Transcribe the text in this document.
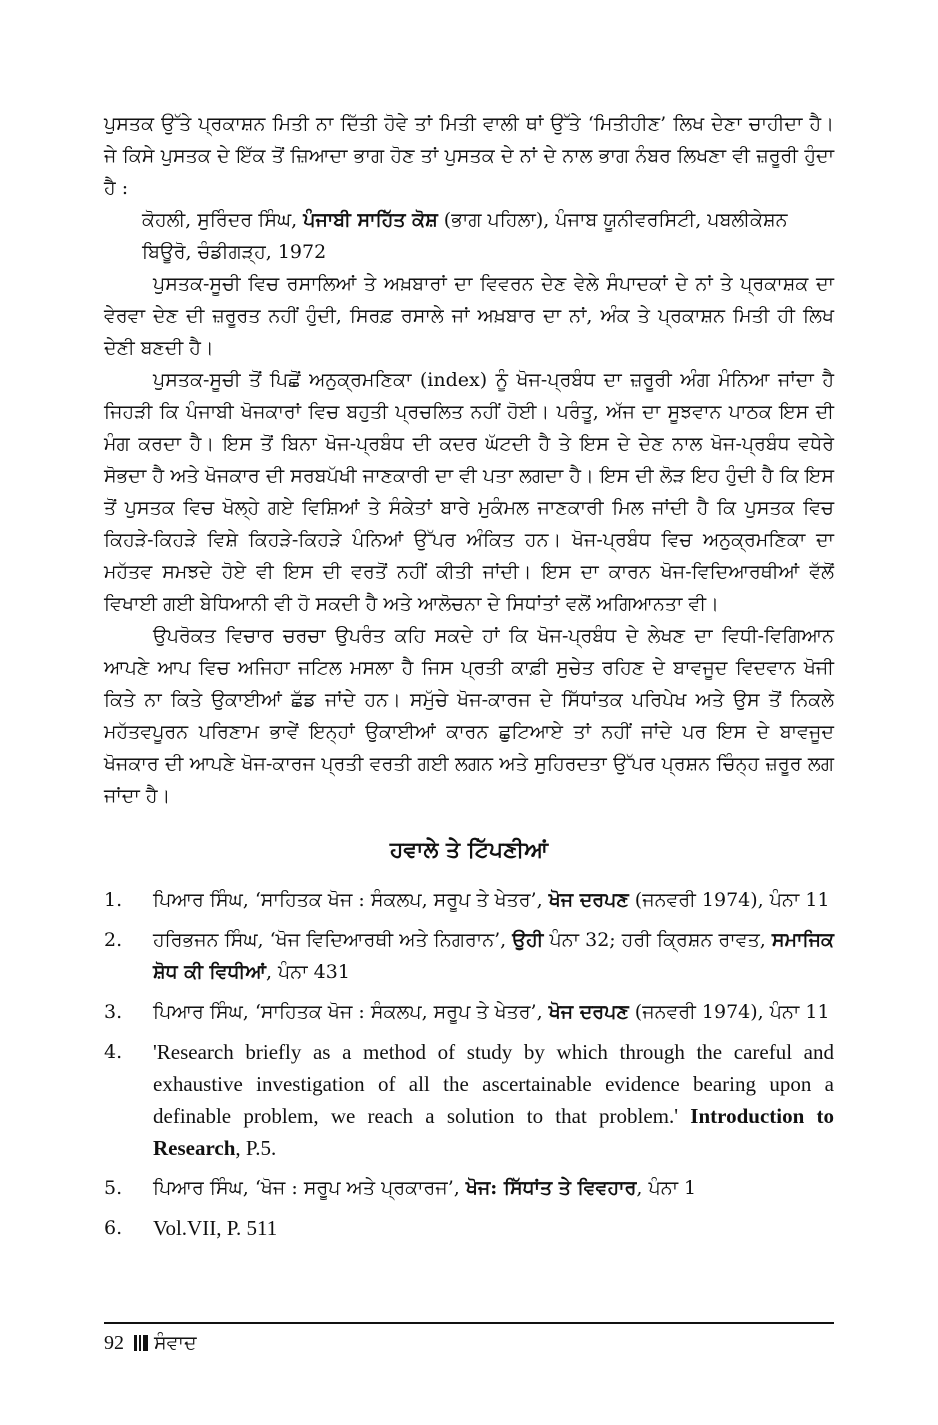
ਪੁਸਤਕ ਉੱਤੇ ਪ੍ਰਕਾਸ਼ਨ ਮਿਤੀ ਨਾ ਦਿੱਤੀ ਹੋਵੇ ਤਾਂ ਮਿਤੀ ਵਾਲੀ ਥਾਂ ਉੱਤੇ ‘ਮਿਤੀਹੀਣ’ ਲਿਖ ਦੇਣਾ ਚਾਹੀਦਾ ਹੈ। ਜੇ ਕਿਸੇ ਪੁਸਤਕ ਦੇ ਇੱਕ ਤੋਂ ਜ਼ਿਆਦਾ ਭਾਗ ਹੋਣ ਤਾਂ ਪੁਸਤਕ ਦੇ ਨਾਂ ਦੇ ਨਾਲ ਭਾਗ ਨੰਬਰ ਲਿਖਣਾ ਵੀ ਜ਼ਰੂਰੀ ਹੁੰਦਾ ਹੈ :

ਕੋਹਲੀ, ਸੁਰਿੰਦਰ ਸਿੰਘ, ਪੰਜਾਬੀ ਸਾਹਿੱਤ ਕੋਸ਼ (ਭਾਗ ਪਹਿਲਾ), ਪੰਜਾਬ ਯੂਨੀਵਰਸਿਟੀ, ਪਬਲੀਕੇਸ਼ਨ ਬਿਊਰੋ, ਚੰਡੀਗੜ੍ਹ, 1972

ਪੁਸਤਕ-ਸੂਚੀ ਵਿਚ ਰਸਾਲਿਆਂ ਤੇ ਅਖ਼ਬਾਰਾਂ ਦਾ ਵਿਵਰਨ ਦੇਣ ਵੇਲੇ ਸੰਪਾਦਕਾਂ ਦੇ ਨਾਂ ਤੇ ਪ੍ਰਕਾਸ਼ਕ ਦਾ ਵੇਰਵਾ ਦੇਣ ਦੀ ਜ਼ਰੂਰਤ ਨਹੀਂ ਹੁੰਦੀ, ਸਿਰਫ਼ ਰਸਾਲੇ ਜਾਂ ਅਖ਼ਬਾਰ ਦਾ ਨਾਂ, ਅੰਕ ਤੇ ਪ੍ਰਕਾਸ਼ਨ ਮਿਤੀ ਹੀ ਲਿਖ ਦੇਣੀ ਬਣਦੀ ਹੈ।

ਪੁਸਤਕ-ਸੂਚੀ ਤੋਂ ਪਿਛੋਂ ਅਨੁਕ੍ਰਮਣਿਕਾ (index) ਨੂੰ ਖੋਜ-ਪ੍ਰਬੰਧ ਦਾ ਜ਼ਰੂਰੀ ਅੰਗ ਮੰਨਿਆ ਜਾਂਦਾ ਹੈ ਜਿਹੜੀ ਕਿ ਪੰਜਾਬੀ ਖੋਜਕਾਰਾਂ ਵਿਚ ਬਹੁਤੀ ਪ੍ਰਚਲਿਤ ਨਹੀਂ ਹੋਈ। ਪਰੰਤੂ, ਅੱਜ ਦਾ ਸੂਝਵਾਨ ਪਾਠਕ ਇਸ ਦੀ ਮੰਗ ਕਰਦਾ ਹੈ। ਇਸ ਤੋਂ ਬਿਨਾ ਖੋਜ-ਪ੍ਰਬੰਧ ਦੀ ਕਦਰ ਘੱਟਦੀ ਹੈ ਤੇ ਇਸ ਦੇ ਦੇਣ ਨਾਲ ਖੋਜ-ਪ੍ਰਬੰਧ ਵਧੇਰੇ ਸੋਭਦਾ ਹੈ ਅਤੇ ਖੋਜਕਾਰ ਦੀ ਸਰਬਪੱਖੀ ਜਾਣਕਾਰੀ ਦਾ ਵੀ ਪਤਾ ਲਗਦਾ ਹੈ। ਇਸ ਦੀ ਲੋੜ ਇਹ ਹੁੰਦੀ ਹੈ ਕਿ ਇਸ ਤੋਂ ਪੁਸਤਕ ਵਿਚ ਖੋਲ੍ਹੇ ਗਏ ਵਿਸ਼ਿਆਂ ਤੇ ਸੰਕੇਤਾਂ ਬਾਰੇ ਮੁਕੰਮਲ ਜਾਣਕਾਰੀ ਮਿਲ ਜਾਂਦੀ ਹੈ ਕਿ ਪੁਸਤਕ ਵਿਚ ਕਿਹੜੇ-ਕਿਹੜੇ ਵਿਸ਼ੇ ਕਿਹੜੇ-ਕਿਹੜੇ ਪੰਨਿਆਂ ਉੱਪਰ ਅੰਕਿਤ ਹਨ। ਖੋਜ-ਪ੍ਰਬੰਧ ਵਿਚ ਅਨੁਕ੍ਰਮਣਿਕਾ ਦਾ ਮਹੱਤਵ ਸਮਝਦੇ ਹੋਏ ਵੀ ਇਸ ਦੀ ਵਰਤੋਂ ਨਹੀਂ ਕੀਤੀ ਜਾਂਦੀ। ਇਸ ਦਾ ਕਾਰਨ ਖੋਜ-ਵਿਦਿਆਰਥੀਆਂ ਵੱਲੋਂ ਵਿਖਾਈ ਗਈ ਬੇਧਿਆਨੀ ਵੀ ਹੋ ਸਕਦੀ ਹੈ ਅਤੇ ਆਲੋਚਨਾ ਦੇ ਸਿਧਾਂਤਾਂ ਵਲੋਂ ਅਗਿਆਨਤਾ ਵੀ।

ਉਪਰੋਕਤ ਵਿਚਾਰ ਚਰਚਾ ਉਪਰੰਤ ਕਹਿ ਸਕਦੇ ਹਾਂ ਕਿ ਖੋਜ-ਪ੍ਰਬੰਧ ਦੇ ਲੇਖਣ ਦਾ ਵਿਧੀ-ਵਿਗਿਆਨ ਆਪਣੇ ਆਪ ਵਿਚ ਅਜਿਹਾ ਜਟਿਲ ਮਸਲਾ ਹੈ ਜਿਸ ਪ੍ਰਤੀ ਕਾਫ਼ੀ ਸੁਚੇਤ ਰਹਿਣ ਦੇ ਬਾਵਜੂਦ ਵਿਦਵਾਨ ਖੋਜੀ ਕਿਤੇ ਨਾ ਕਿਤੇ ਉਕਾਈਆਂ ਛੱਡ ਜਾਂਦੇ ਹਨ। ਸਮੁੱਚੇ ਖੋਜ-ਕਾਰਜ ਦੇ ਸਿੱਧਾਂਤਕ ਪਰਿਪੇਖ ਅਤੇ ਉਸ ਤੋਂ ਨਿਕਲੇ ਮਹੱਤਵਪੂਰਨ ਪਰਿਣਾਮ ਭਾਵੇਂ ਇਨ੍ਹਾਂ ਉਕਾਈਆਂ ਕਾਰਨ ਛੁਟਿਆਏ ਤਾਂ ਨਹੀਂ ਜਾਂਦੇ ਪਰ ਇਸ ਦੇ ਬਾਵਜੂਦ ਖੋਜਕਾਰ ਦੀ ਆਪਣੇ ਖੋਜ-ਕਾਰਜ ਪ੍ਰਤੀ ਵਰਤੀ ਗਈ ਲਗਨ ਅਤੇ ਸੁਹਿਰਦਤਾ ਉੱਪਰ ਪ੍ਰਸ਼ਨ ਚਿੰਨ੍ਹ ਜ਼ਰੂਰ ਲਗ ਜਾਂਦਾ ਹੈ।

ਹਵਾਲੇ ਤੇ ਟਿੱਪਣੀਆਂ
1.	ਪਿਆਰ ਸਿੰਘ, ‘ਸਾਹਿਤਕ ਖੋਜ : ਸੰਕਲਪ, ਸਰੂਪ ਤੇ ਖੇਤਰ’, ਖੋਜ ਦਰਪਣ (ਜਨਵਰੀ 1974), ਪੰਨਾ 11
2.	ਹਰਿਭਜਨ ਸਿੰਘ, ‘ਖੋਜ ਵਿਦਿਆਰਥੀ ਅਤੇ ਨਿਗਰਾਨ’, ਉਹੀ ਪੰਨਾ 32; ਹਰੀ ਕ੍ਰਿਸ਼ਨ ਰਾਵਤ, ਸਮਾਜਿਕ ਸ਼ੋਧ ਕੀ ਵਿਧੀਆਂ, ਪੰਨਾ 431
3.	ਪਿਆਰ ਸਿੰਘ, ‘ਸਾਹਿਤਕ ਖੋਜ : ਸੰਕਲਪ, ਸਰੂਪ ਤੇ ਖੇਤਰ’, ਖੋਜ ਦਰਪਣ (ਜਨਵਰੀ 1974), ਪੰਨਾ 11
4.	'Research briefly as a method of study by which through the careful and exhaustive investigation of all the ascertainable evidence bearing upon a definable problem, we reach a solution to that problem.' Introduction to Research, P.5.
5.	ਪਿਆਰ ਸਿੰਘ, ‘ਖੋਜ : ਸਰੂਪ ਅਤੇ ਪ੍ਰਕਾਰਜ’, ਖੋਜ: ਸਿੱਧਾਂਤ ਤੇ ਵਿਵਹਾਰ, ਪੰਨਾ 1
6.	Vol.VII, P. 511
92 ਸੰਵਾਦ
